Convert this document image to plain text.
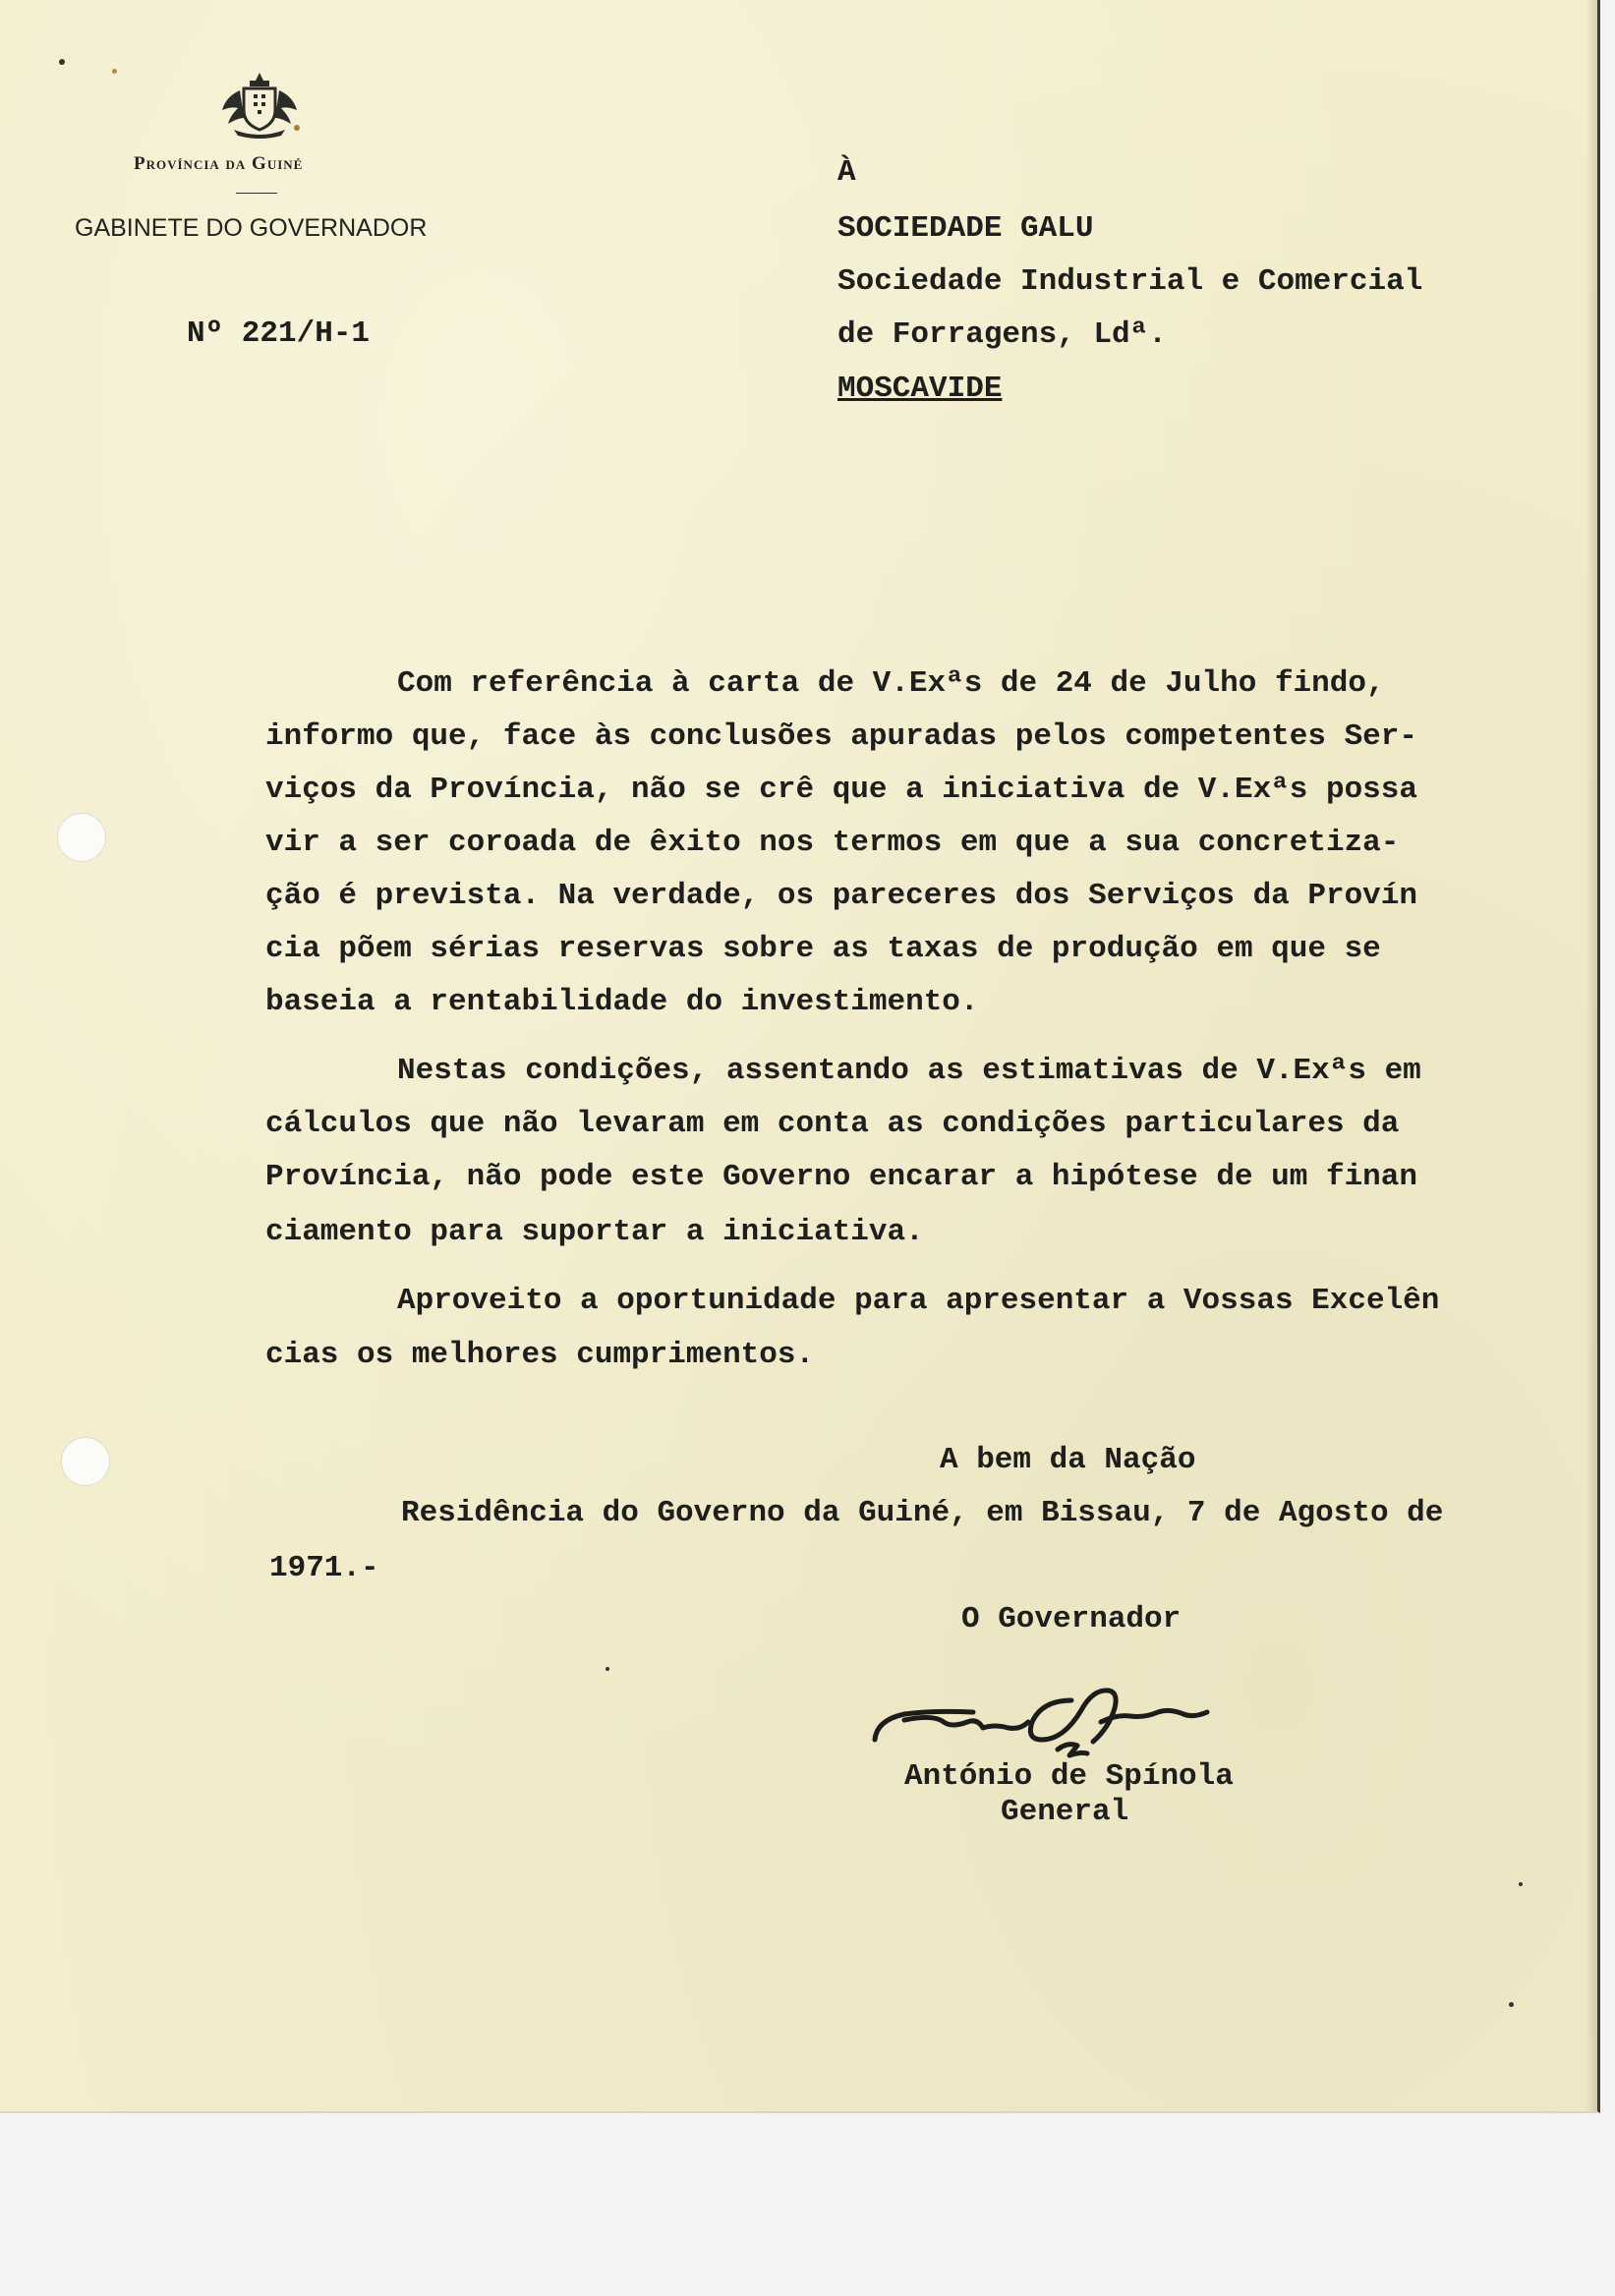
Província da Guiné

GABINETE DO GOVERNADOR

Nº 221/H-1

À

SOCIEDADE GALU

Sociedade Industrial e Comercial

de Forragens, Ldª.

MOSCAVIDE

Com referência à carta de V.Exªs de 24 de Julho findo,

informo que, face às conclusões apuradas pelos competentes Ser-

viços da Província, não se crê que a iniciativa de V.Exªs possa

vir a ser coroada de êxito nos termos em que a sua concretiza-

ção é prevista. Na verdade, os pareceres dos Serviços da Provín

cia põem sérias reservas sobre as taxas de produção em que se

baseia a rentabilidade do investimento.

Nestas condições, assentando as estimativas de V.Exªs em

cálculos que não levaram em conta as condições particulares da

Província, não pode este Governo encarar a hipótese de um finan

ciamento para suportar a iniciativa.

Aproveito a oportunidade para apresentar a Vossas Excelên

cias os melhores cumprimentos.

A bem da Nação

Residência do Governo da Guiné, em Bissau, 7 de Agosto de

1971.-

O Governador

António de Spínola

General
